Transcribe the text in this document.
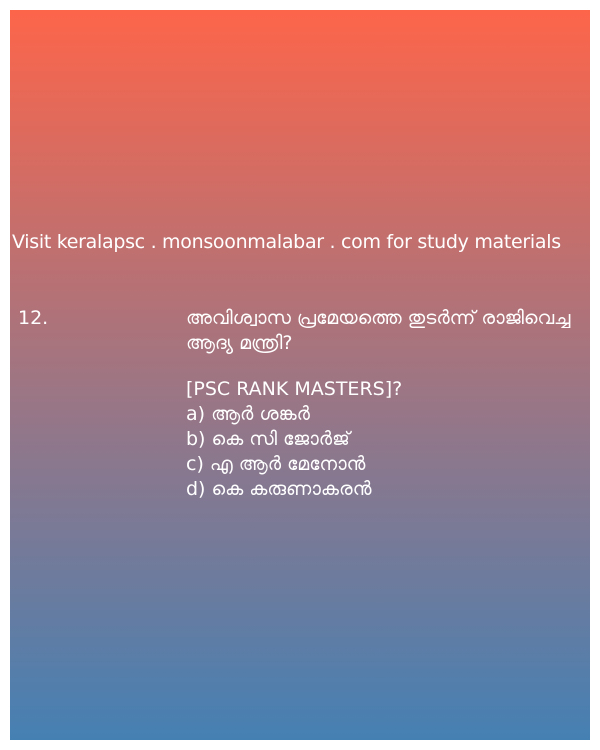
Visit keralapsc . monsoonmalabar . com for study materials

12.	അവിശ്വാസ പ്രമേയത്തെ തുടർന്ന് രാജിവെച്ച ആദ്യ മന്ത്രി?

[PSC RANK MASTERS]?
a) ആർ ശങ്കർ
b) കെ സി ജോർജ്
c) എ ആർ മേനോൻ
d) കെ കരുണാകരൻ
